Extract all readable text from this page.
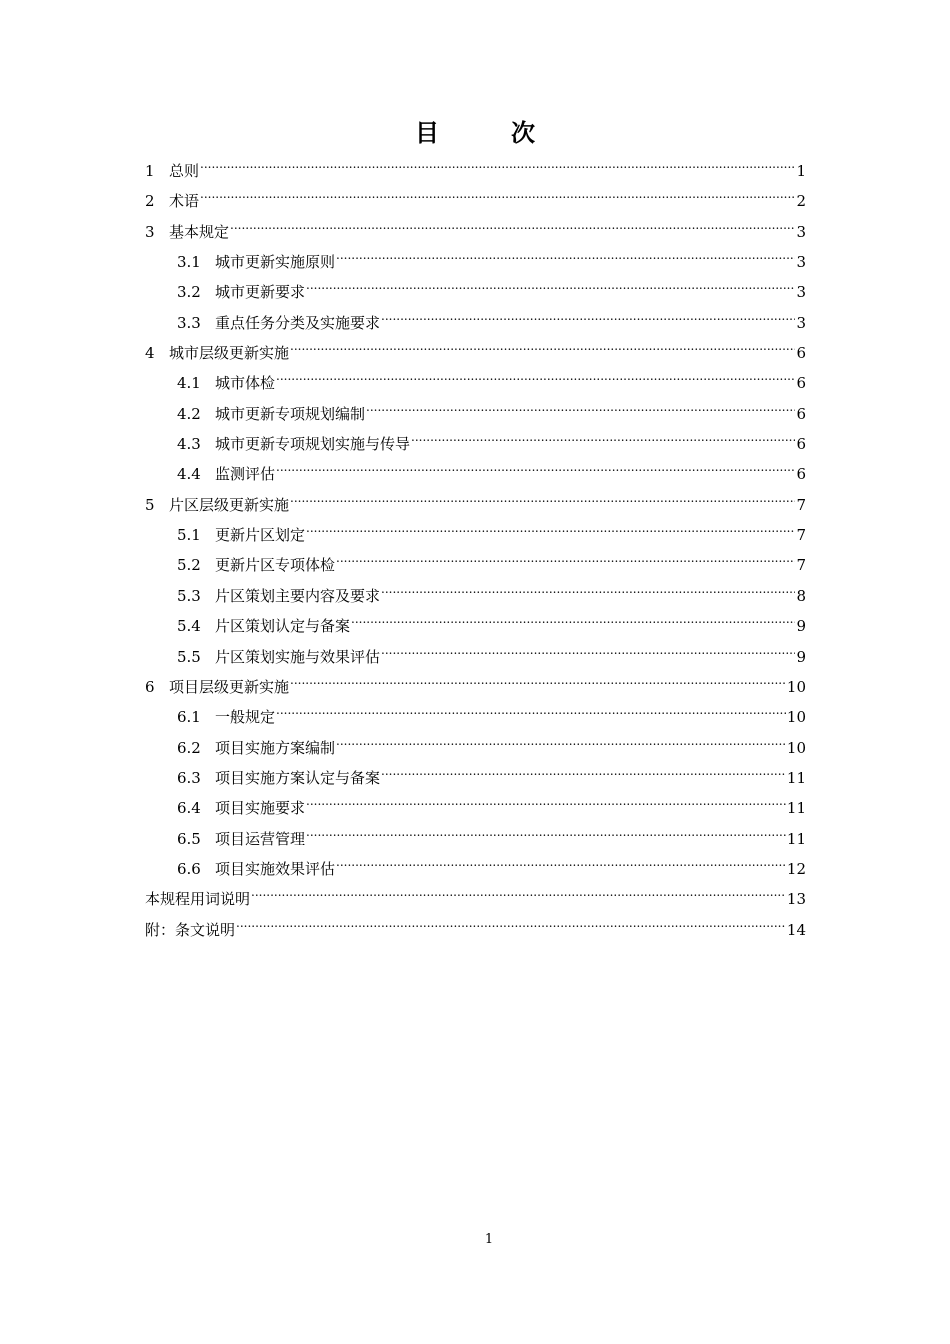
目　次
1 总则 .....	1
2 术语 .....	2
3 基本规定 .....	3
3.1 城市更新实施原则 .....	3
3.2 城市更新要求 .....	3
3.3 重点任务分类及实施要求 .....	3
4 城市层级更新实施 .....	6
4.1 城市体检 .....	6
4.2 城市更新专项规划编制 .....	6
4.3 城市更新专项规划实施与传导 .....	6
4.4 监测评估 .....	6
5 片区层级更新实施 .....	7
5.1 更新片区划定 .....	7
5.2 更新片区专项体检 .....	7
5.3 片区策划主要内容及要求 .....	8
5.4 片区策划认定与备案 .....	9
5.5 片区策划实施与效果评估 .....	9
6 项目层级更新实施 .....	10
6.1 一般规定 .....	10
6.2 项目实施方案编制 .....	10
6.3 项目实施方案认定与备案 .....	11
6.4 项目实施要求 .....	11
6.5 项目运营管理 .....	11
6.6 项目实施效果评估 .....	12
本规程用词说明 .....	13
附：条文说明 .....	14
1
